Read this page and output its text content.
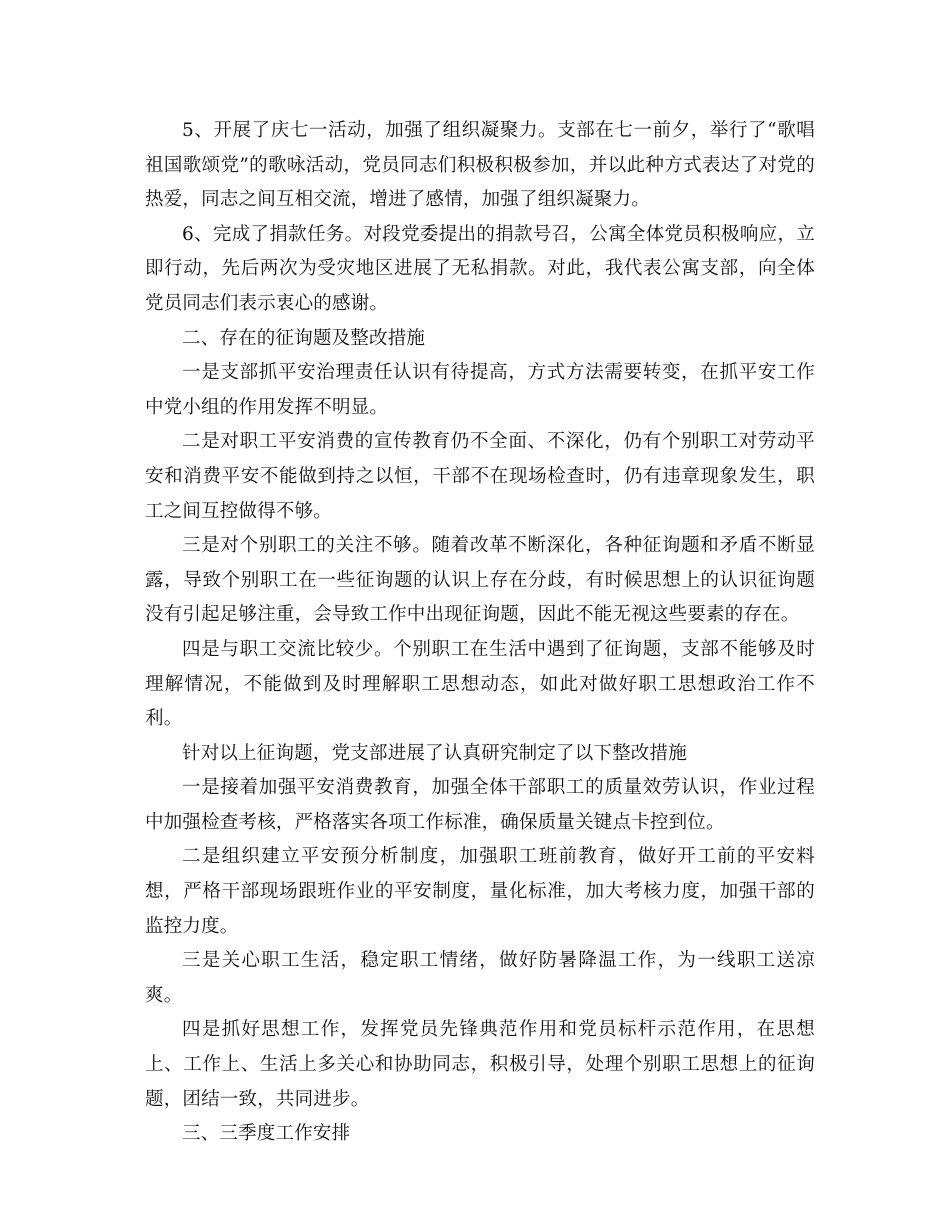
5、开展了庆七一活动，加强了组织凝聚力。支部在七一前夕，举行了“歌唱祖国歌颂党”的歌咏活动，党员同志们积极积极参加，并以此种方式表达了对党的热爱，同志之间互相交流，增进了感情，加强了组织凝聚力。

6、完成了捐款任务。对段党委提出的捐款号召，公寓全体党员积极响应，立即行动，先后两次为受灾地区进展了无私捐款。对此，我代表公寓支部，向全体党员同志们表示衷心的感谢。

二、存在的征询题及整改措施

一是支部抓平安治理责任认识有待提高，方式方法需要转变，在抓平安工作中党小组的作用发挥不明显。

二是对职工平安消费的宣传教育仍不全面、不深化，仍有个别职工对劳动平安和消费平安不能做到持之以恒，干部不在现场检查时，仍有违章现象发生，职工之间互控做得不够。

三是对个别职工的关注不够。随着改革不断深化，各种征询题和矛盾不断显露，导致个别职工在一些征询题的认识上存在分歧，有时候思想上的认识征询题没有引起足够注重，会导致工作中出现征询题，因此不能无视这些要素的存在。

四是与职工交流比较少。个别职工在生活中遇到了征询题，支部不能够及时理解情况，不能做到及时理解职工思想动态，如此对做好职工思想政治工作不利。

针对以上征询题，党支部进展了认真研究制定了以下整改措施

一是接着加强平安消费教育，加强全体干部职工的质量效劳认识，作业过程中加强检查考核，严格落实各项工作标准，确保质量关键点卡控到位。

二是组织建立平安预分析制度，加强职工班前教育，做好开工前的平安料想，严格干部现场跟班作业的平安制度，量化标准，加大考核力度，加强干部的监控力度。

三是关心职工生活，稳定职工情绪，做好防暑降温工作，为一线职工送凉爽。

四是抓好思想工作，发挥党员先锋典范作用和党员标杆示范作用，在思想上、工作上、生活上多关心和协助同志，积极引导，处理个别职工思想上的征询题，团结一致，共同进步。

三、三季度工作安排
